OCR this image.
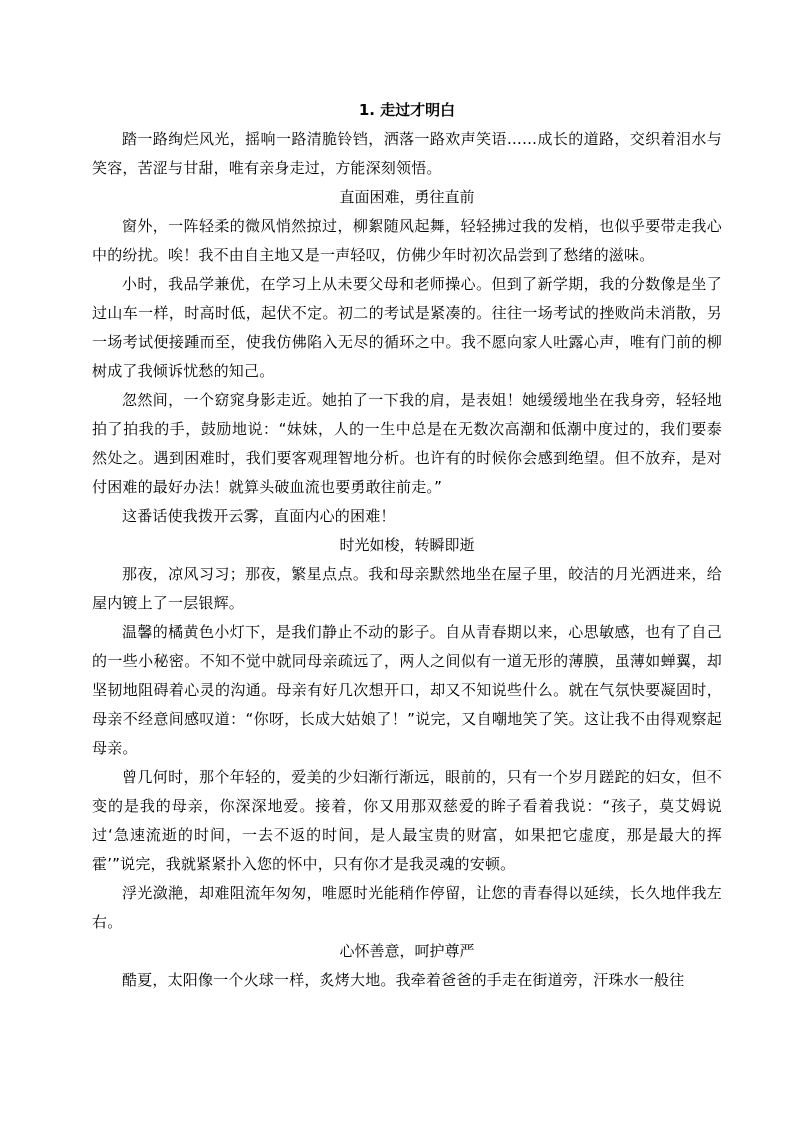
1. 走过才明白

踏一路绚烂风光，摇响一路清脆铃铛，洒落一路欢声笑语……成长的道路，交织着泪水与笑容，苦涩与甘甜，唯有亲身走过，方能深刻领悟。

直面困难，勇往直前

窗外，一阵轻柔的微风悄然掠过，柳絮随风起舞，轻轻拂过我的发梢，也似乎要带走我心中的纷扰。唉！我不由自主地又是一声轻叹，仿佛少年时初次品尝到了愁绪的滋味。

小时，我品学兼优，在学习上从未要父母和老师操心。但到了新学期，我的分数像是坐了过山车一样，时高时低，起伏不定。初二的考试是紧凑的。往往一场考试的挫败尚未消散，另一场考试便接踵而至，使我仿佛陷入无尽的循环之中。我不愿向家人吐露心声，唯有门前的柳树成了我倾诉忧愁的知己。

忽然间，一个窈窕身影走近。她拍了一下我的肩，是表姐！她缓缓地坐在我身旁，轻轻地拍了拍我的手，鼓励地说：“妹妹，人的一生中总是在无数次高潮和低潮中度过的，我们要泰然处之。遇到困难时，我们要客观理智地分析。也许有的时候你会感到绝望。但不放弃，是对付困难的最好办法！就算头破血流也要勇敢往前走。”

这番话使我拨开云雾，直面内心的困难！

时光如梭，转瞬即逝

那夜，凉风习习；那夜，繁星点点。我和母亲默然地坐在屋子里，皎洁的月光洒进来，给屋内镀上了一层银辉。

温馨的橘黄色小灯下，是我们静止不动的影子。自从青春期以来，心思敏感，也有了自己的一些小秘密。不知不觉中就同母亲疏远了，两人之间似有一道无形的薄膜，虽薄如蝉翼，却坚韧地阻碍着心灵的沟通。母亲有好几次想开口，却又不知说些什么。就在气氛快要凝固时，母亲不经意间感叹道：“你呀，长成大姑娘了！”说完，又自嘲地笑了笑。这让我不由得观察起母亲。

曾几何时，那个年轻的，爱美的少妇渐行渐远，眼前的，只有一个岁月蹉跎的妇女，但不变的是我的母亲，你深深地爱。接着，你又用那双慈爱的眸子看着我说：“孩子，莫艾姆说过‘急速流逝的时间，一去不返的时间，是人最宝贵的财富，如果把它虚度，那是最大的挥霍’”说完，我就紧紧扑入您的怀中，只有你才是我灵魂的安顿。

浮光潋滟，却难阻流年匆匆，唯愿时光能稍作停留，让您的青春得以延续，长久地伴我左右。

心怀善意，呵护尊严

酷夏，太阳像一个火球一样，炙烤大地。我牵着爸爸的手走在街道旁，汗珠水一般往
